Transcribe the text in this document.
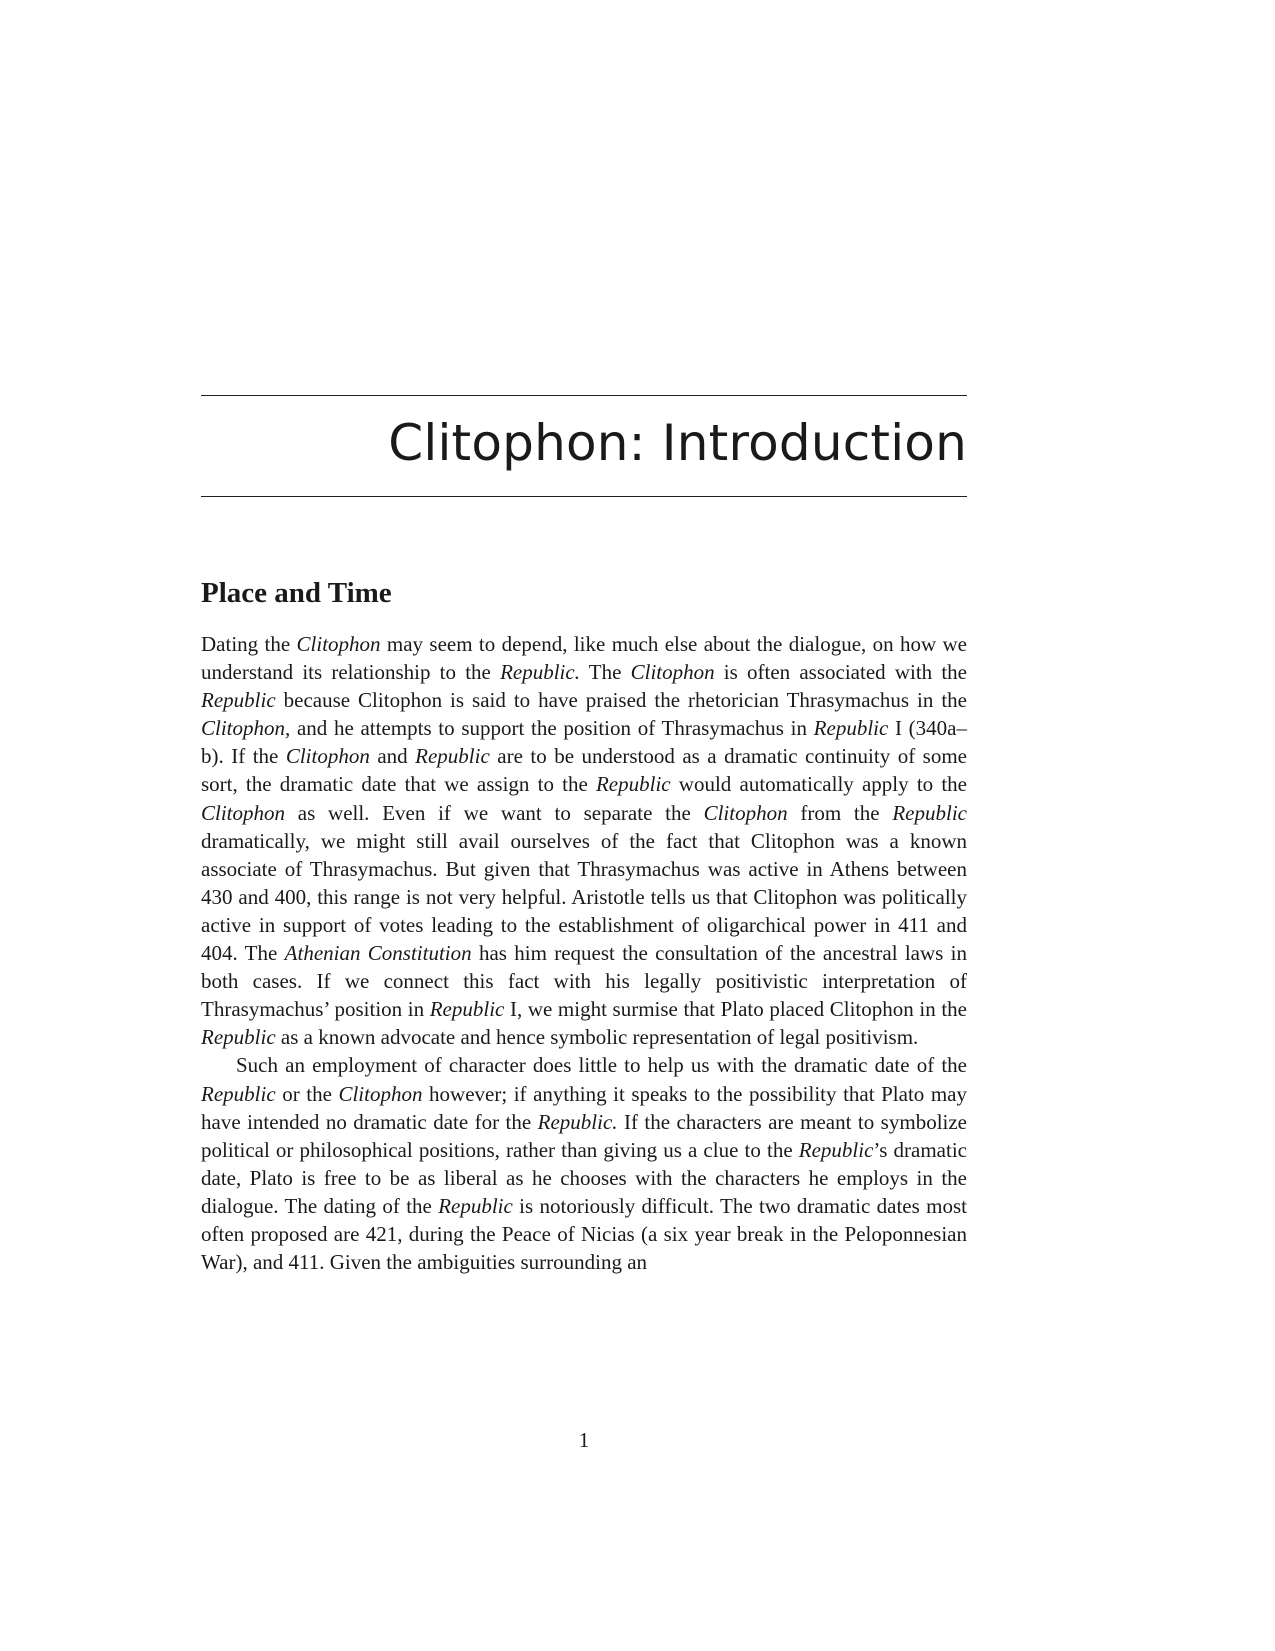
Clitophon: Introduction
Place and Time

Dating the Clitophon may seem to depend, like much else about the dialogue, on how we understand its relationship to the Republic. The Clitophon is often associated with the Republic because Clitophon is said to have praised the rhetorician Thrasymachus in the Clitophon, and he attempts to support the position of Thrasymachus in Republic I (340a–b). If the Clitophon and Republic are to be understood as a dramatic continuity of some sort, the dramatic date that we assign to the Republic would automatically apply to the Clitophon as well. Even if we want to separate the Clitophon from the Republic dramatically, we might still avail ourselves of the fact that Clitophon was a known associate of Thrasymachus. But given that Thrasymachus was active in Athens between 430 and 400, this range is not very helpful. Aristotle tells us that Clitophon was politically active in support of votes leading to the establishment of oligarchical power in 411 and 404. The Athenian Constitution has him request the consultation of the ancestral laws in both cases. If we connect this fact with his legally positivistic interpretation of Thrasymachus’ position in Republic I, we might surmise that Plato placed Clitophon in the Republic as a known advocate and hence symbolic representation of legal positivism.

Such an employment of character does little to help us with the dramatic date of the Republic or the Clitophon however; if anything it speaks to the possibility that Plato may have intended no dramatic date for the Republic. If the characters are meant to symbolize political or philosophical positions, rather than giving us a clue to the Republic’s dramatic date, Plato is free to be as liberal as he chooses with the characters he employs in the dialogue. The dating of the Republic is notoriously difficult. The two dramatic dates most often proposed are 421, during the Peace of Nicias (a six year break in the Peloponnesian War), and 411. Given the ambiguities surrounding an

1
